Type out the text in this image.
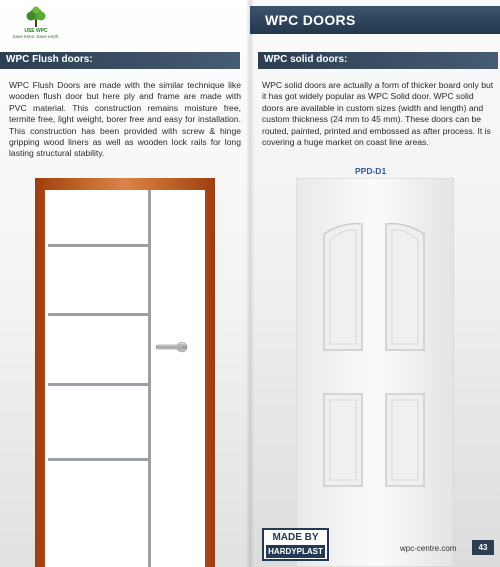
USE WPC
Save trees. Save earth.
WPC DOORS
WPC Flush doors:	WPC solid doors:

WPC Flush Doors are made with the similar technique like wooden flush door but here ply and frame are made with PVC material. This construction remains moisture free, termite free, light weight, borer free and easy for installation. This construction has been provided with screw & hinge gripping wood liners as well as wooden lock rails for long lasting structural stability.

WPC solid doors are actually a form of thicker board only but it has got widely popular as WPC Solid door. WPC solid doors are available in custom sizes (width and length) and custom thickness (24 mm to 45 mm). These doors can be routed, painted, printed and embossed as after process. It is covering a huge market on coast line areas.

PPD-D1
MADE BY
HARDYPLAST	wpc-centre.com	43
